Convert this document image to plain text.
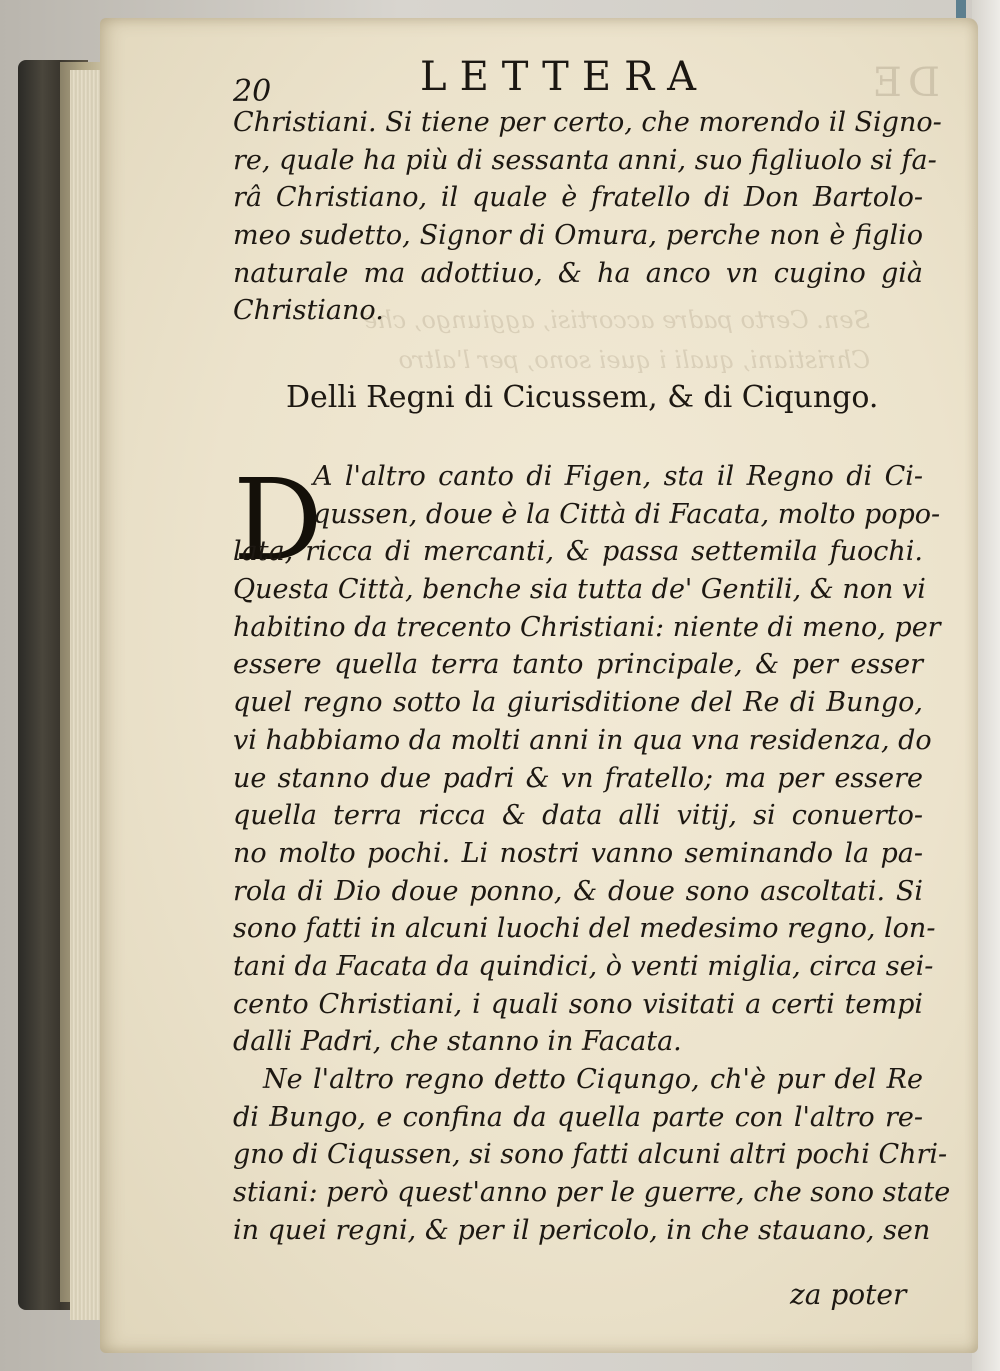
DE
20	LETTERA
Christiani. Si tiene per certo, che morendo il Signo-
re, quale ha più di sessanta anni, suo figliuolo si fa-
râ Christiano, il quale è fratello di Don Bartolo-
meo sudetto, Signor di Omura, perche non è figlio
naturale ma adottiuo, & ha anco vn cugino già
Christiano.
Delli Regni di Cicussem, & di Ciqungo.
D
A l'altro canto di Figen, sta il Regno di Ci-
qussen, doue è la Città di Facata, molto popo-
lata, ricca di mercanti, & passa settemila fuochi.
Questa Città, benche sia tutta de' Gentili, & non vi
habitino da trecento Christiani: niente di meno, per
essere quella terra tanto principale, & per esser
quel regno sotto la giurisditione del Re di Bungo,
vi habbiamo da molti anni in qua vna residenza, do
ue stanno due padri & vn fratello; ma per essere
quella terra ricca & data alli vitij, si conuerto-
no molto pochi. Li nostri vanno seminando la pa-
rola di Dio doue ponno, & doue sono ascoltati. Si
sono fatti in alcuni luochi del medesimo regno, lon-
tani da Facata da quindici, ò venti miglia, circa sei-
cento Christiani, i quali sono visitati a certi tempi
dalli Padri, che stanno in Facata.
Ne l'altro regno detto Ciqungo, ch'è pur del Re
di Bungo, e confina da quella parte con l'altro re-
gno di Ciqussen, si sono fatti alcuni altri pochi Chri-
stiani: però quest'anno per le guerre, che sono state
in quei regni, & per il pericolo, in che stauano, sen
za poter
